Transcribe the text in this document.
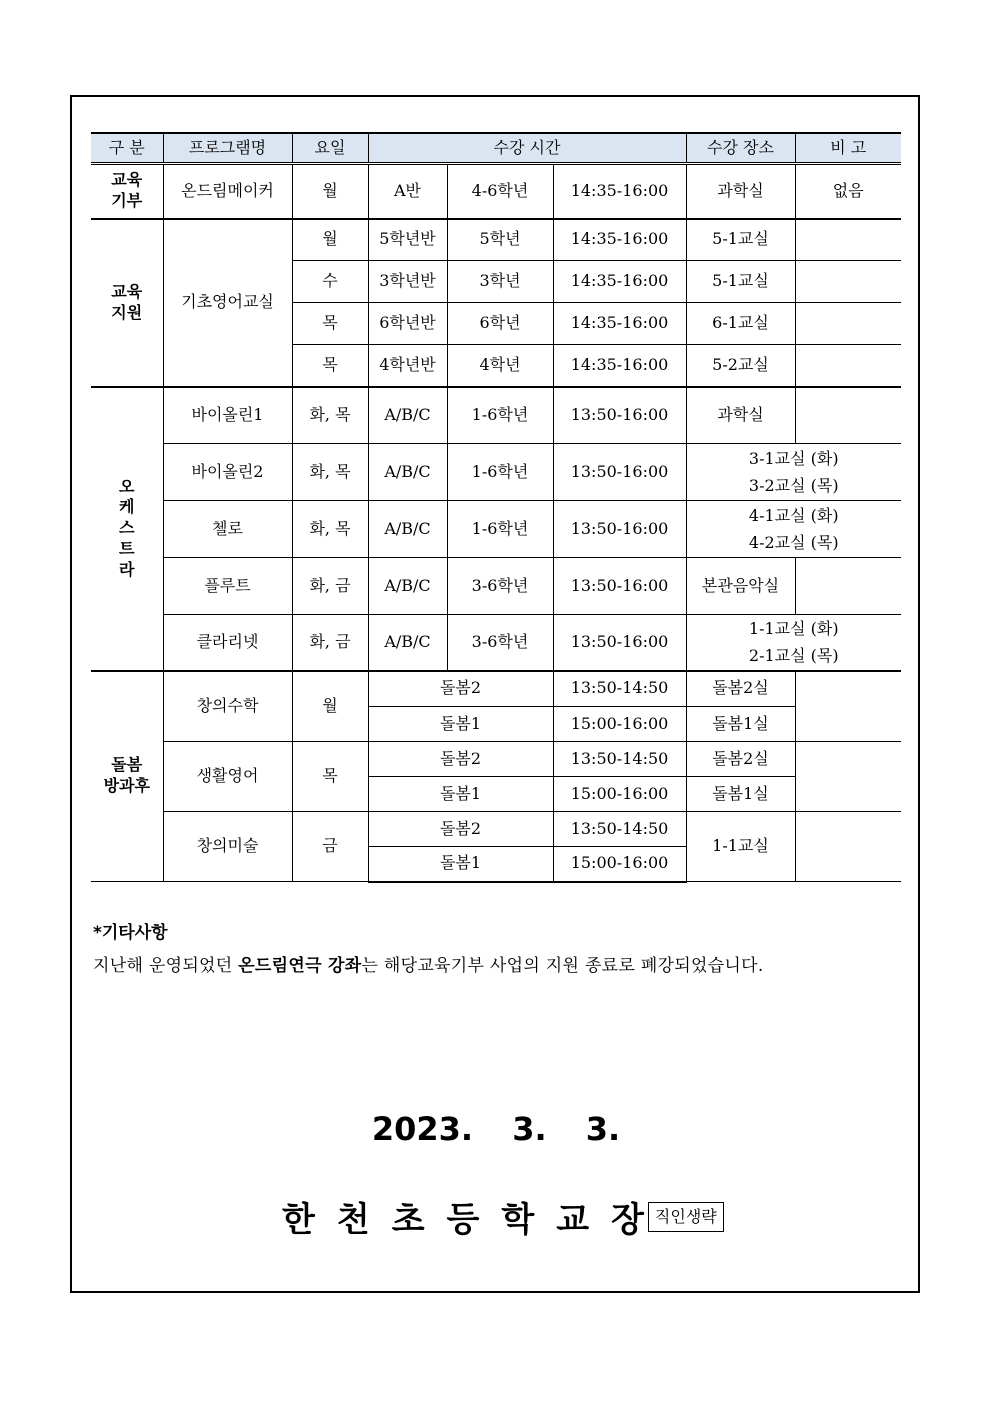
구 분	프로그램명	요일	수강 시간			수강 장소	비 고

교육
기부	온드림메이커	월	A반	4-6학년	14:35-16:00	과학실	없음

교육
지원	기초영어교실	월	5학년반	5학년	14:35-16:00	5-1교실	
		수	3학년반	3학년	14:35-16:00	5-1교실	
		목	6학년반	6학년	14:35-16:00	6-1교실	
		목	4학년반	4학년	14:35-16:00	5-2교실	

오
케
스
트
라	바이올린1	화, 목	A/B/C	1-6학년	13:50-16:00	과학실	
	바이올린2	화, 목	A/B/C	1-6학년	13:50-16:00	3-1교실 (화)
3-2교실 (목)	

	첼로	화, 목	A/B/C	1-6학년	13:50-16:00	4-1교실 (화)
4-2교실 (목)	

	플루트	화, 금	A/B/C	3-6학년	13:50-16:00	본관음악실	
	클라리넷	화, 금	A/B/C	3-6학년	13:50-16:00	1-1교실 (화)
2-1교실 (목)	

돌봄
방과후	창의수학	월	돌봄2		13:50-14:50	돌봄2실	
			돌봄1		15:00-16:00	돌봄1실	
	생활영어	목	돌봄2		13:50-14:50	돌봄2실	
			돌봄1		15:00-16:00	돌봄1실	
	창의미술	금	돌봄2		13:50-14:50	1-1교실	
			돌봄1		15:00-16:00		
*기타사항
지난해 운영되었던 온드림연극 강좌는 해당교육기부 사업의 지원 종료로 폐강되었습니다.
2023. 3. 3.
한천초등학교장
직인생략
